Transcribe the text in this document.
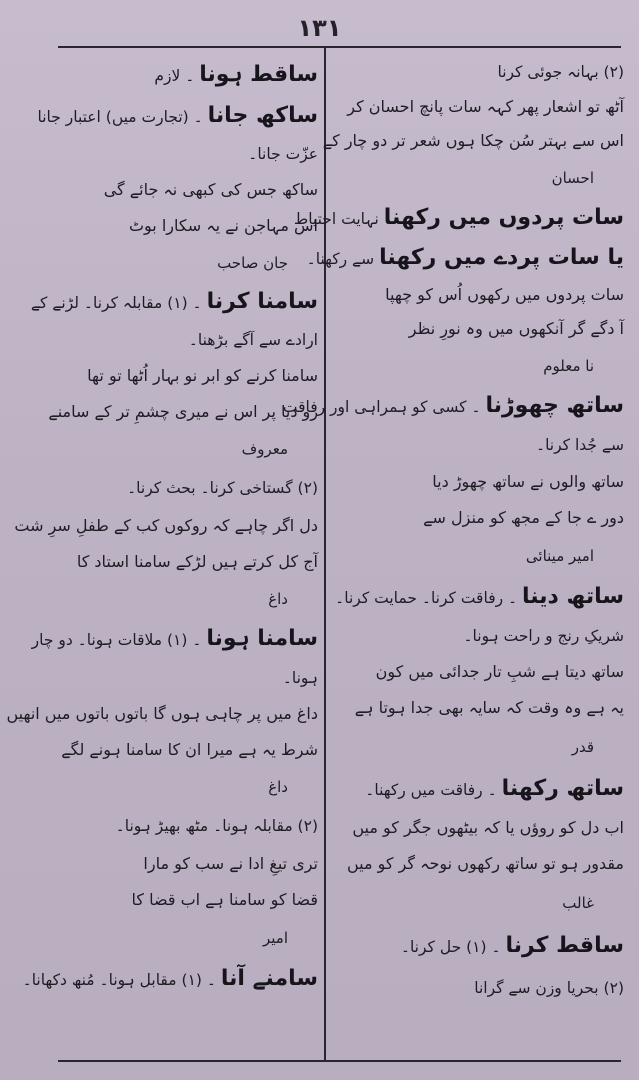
١٣١
(۲) بہانہ جوئی کرنا
آٹھ تو اشعار پھر کہہ سات پانچ احسان کر
اس سے بہتر سُن چکا ہوں شعر تر دو چار کے
احسان
سات پردوں میں رکھنا نہایت احتیاط
یا سات پردے میں رکھنا سے رکھنا۔
سات پردوں میں رکھوں اُس کو چھپا
آ دگے گر آنکھوں میں وہ نورِ نظر
نا معلوم
ساتھ چھوڑنا ۔ کسی کو ہمراہی اور رفاقت
سے جُدا کرنا۔
ساتھ والوں نے ساتھ چھوڑ دیا
دور ے جا کے مجھ کو منزل سے
امیر مینائی
ساتھ دینا ۔ رفاقت کرنا۔ حمایت کرنا۔
شریکِ رنج و راحت ہونا۔
ساتھ دیتا ہے شبِ تار جدائی میں کون
یہ ہے وہ وقت کہ سایہ بھی جدا ہوتا ہے
قدر
ساتھ رکھنا ۔ رفاقت میں رکھنا۔
اب دل کو روؤں یا کہ بیٹھوں جگر کو میں
مقدور ہو تو ساتھ رکھوں نوحہ گر کو میں
غالب
ساقط کرنا ۔ (۱) حل کرنا۔
(۲) بحریا وزن سے گرانا
ساقط ہونا ۔ لازم
ساکھ جانا ۔ (تجارت میں) اعتبار جانا
عزّت جانا۔
ساکھ جس کی کبھی نہ جائے گی
اس مہاجن نے یہ سکارا بوٹ
جان صاحب
سامنا کرنا ۔ (۱) مقابلہ کرنا۔ لڑنے کے
ارادے سے آگے بڑھنا۔
سامنا کرنے کو ابر نو بہار اُٹھا تو تھا
رو دیا پر اس نے میری چشمِ تر کے سامنے
معروف
(۲) گستاخی کرنا۔ بحث کرنا۔
دل اگر چاہے کہ روکوں کب کے طفلِ سرِ شت
آج کل کرتے ہیں لڑکے سامنا استاد کا
داغ
سامنا ہونا ۔ (۱) ملاقات ہونا۔ دو چار
ہونا۔
داغ میں پر چاہی ہوں گا باتوں باتوں میں انھیں
شرط یہ ہے میرا ان کا سامنا ہونے لگے
داغ
(۲) مقابلہ ہونا۔ مٹھ بھیڑ ہونا۔
تری تیغِ ادا نے سب کو مارا
قضا کو سامنا ہے اب قضا کا
امیر
سامنے آنا ۔ (۱) مقابل ہونا۔ مُنھ دکھانا۔
